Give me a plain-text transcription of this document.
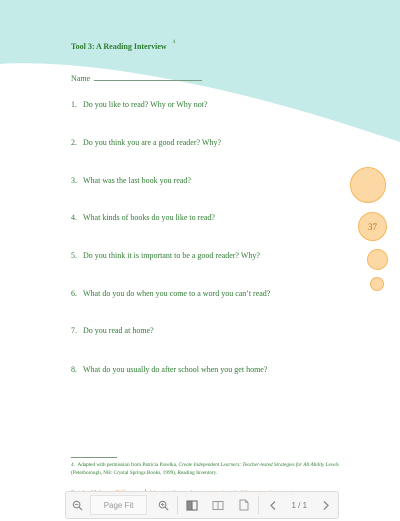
Tool 3: A Reading Interview $^4$
Name
1. Do you like to read? Why or Why not?
2. Do you think you are a good reader? Why?
3. What was the last book you read?
4. What kinds of books do you like to read?
5. Do you think it is important to be a good reader? Why?
6. What do you do when you come to a word you can’t read?
7. Do you read at home?
8. What do you usually do after school when you get home?
37
4. Adapted with permission from Patricia Pavelka, Create Independent Learners: Teacher-tested Strategies for All Ability Levels (Peterborough, NH: Crystal Springs Books, 1999), Reading Inventory.
Page Fit	1 / 1
